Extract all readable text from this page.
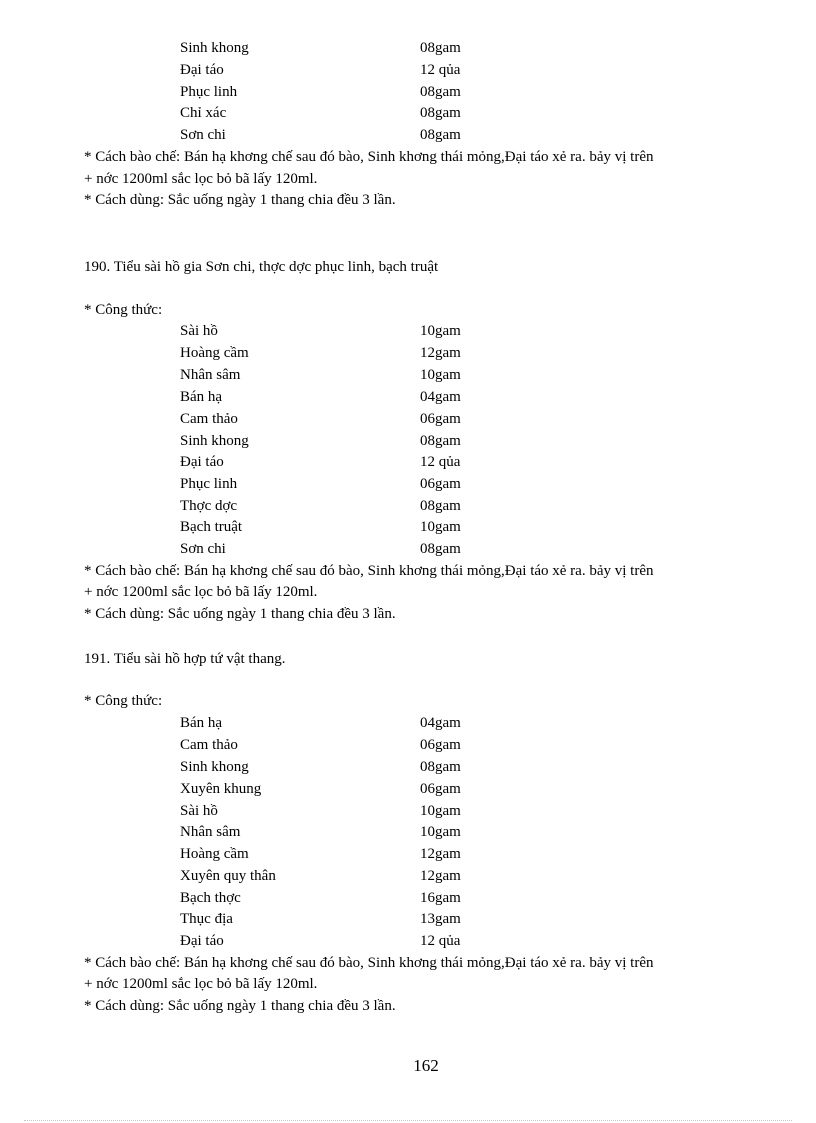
Sinh khong	08gam
Đại táo	12 qủa
Phục linh	08gam
Chỉ xác	08gam
Sơn chi	08gam
* Cách bào chế: Bán hạ khơng chế sau đó bào, Sinh khơng thái mỏng,Đại táo xẻ ra. bảy vị trên
+ nớc 1200ml sắc lọc bỏ bã lấy 120ml.
* Cách dùng: Sắc uống ngày 1 thang chia đều 3 lần.
190. Tiểu sài hồ gia Sơn chi, thợc dợc phục linh, bạch truật
* Công thức:
Sài hồ	10gam
Hoàng cầm	12gam
Nhân sâm	10gam
Bán hạ	04gam
Cam thảo	06gam
Sinh khong	08gam
Đại táo	12 qủa
Phục linh	06gam
Thợc dợc	08gam
Bạch truật	10gam
Sơn chi	08gam
* Cách bào chế: Bán hạ khơng chế sau đó bào, Sinh khơng thái mỏng,Đại táo xẻ ra. bảy vị trên
+ nớc 1200ml sắc lọc bỏ bã lấy 120ml.
* Cách dùng: Sắc uống ngày 1 thang chia đều 3 lần.
191. Tiểu sài hồ hợp tứ vật thang.
* Công thức:
Bán hạ	04gam
Cam thảo	06gam
Sinh khong	08gam
Xuyên khung	06gam
Sài hồ	10gam
Nhân sâm	10gam
Hoàng cầm	12gam
Xuyên quy thân	12gam
Bạch thợc	16gam
Thục địa	13gam
Đại táo	12 qủa
* Cách bào chế: Bán hạ khơng chế sau đó bào, Sinh khơng thái mỏng,Đại táo xẻ ra. bảy vị trên
+ nớc 1200ml sắc lọc bỏ bã lấy 120ml.
* Cách dùng: Sắc uống ngày 1 thang chia đều 3 lần.
162
